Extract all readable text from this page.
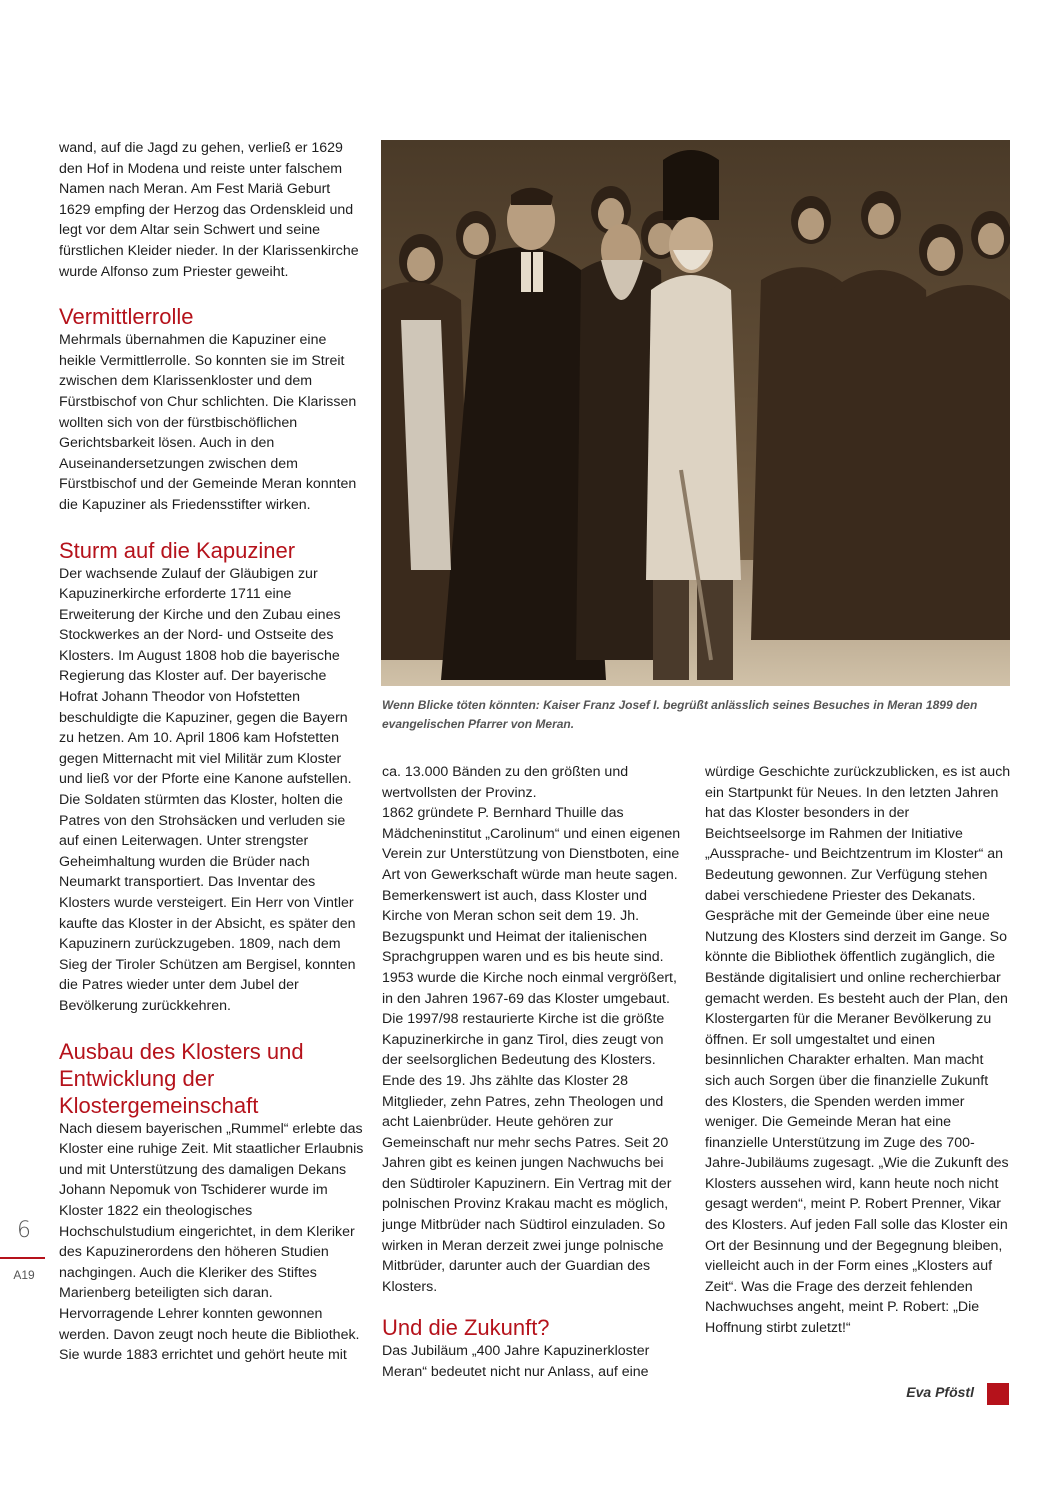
wand, auf die Jagd zu gehen, verließ er 1629 den Hof in Modena und reiste unter falschem Namen nach Meran. Am Fest Mariä Geburt 1629 empfing der Herzog das Ordenskleid und legt vor dem Altar sein Schwert und seine fürstlichen Kleider nieder. In der Klarissenkirche wurde Alfonso zum Priester geweiht.

Vermittlerrolle

Mehrmals übernahmen die Kapuziner eine heikle Vermittlerrolle. So konnten sie im Streit zwischen dem Klarissenkloster und dem Fürstbischof von Chur schlichten. Die Klarissen wollten sich von der fürstbischöflichen Gerichtsbarkeit lösen. Auch in den Auseinandersetzungen zwischen dem Fürstbischof und der Gemeinde Meran konnten die Kapuziner als Friedensstifter wirken.

Sturm auf die Kapuziner

Der wachsende Zulauf der Gläubigen zur Kapuzinerkirche erforderte 1711 eine Erweiterung der Kirche und den Zubau eines Stockwerkes an der Nord- und Ostseite des Klosters. Im August 1808 hob die bayerische Regierung das Kloster auf. Der bayerische Hofrat Johann Theodor von Hofstetten beschuldigte die Kapuziner, gegen die Bayern zu hetzen. Am 10. April 1806 kam Hofstetten gegen Mitternacht mit viel Militär zum Kloster und ließ vor der Pforte eine Kanone aufstellen. Die Soldaten stürmten das Kloster, holten die Patres von den Strohsäcken und verluden sie auf einen Leiterwagen. Unter strengster Geheimhaltung wurden die Brüder nach Neumarkt transportiert. Das Inventar des Klosters wurde versteigert. Ein Herr von Vintler kaufte das Kloster in der Absicht, es später den Kapuzinern zurückzugeben. 1809, nach dem Sieg der Tiroler Schützen am Bergisel, konnten die Patres wieder unter dem Jubel der Bevölkerung zurückkehren.

Ausbau des Klosters und Entwicklung der Klostergemeinschaft

Nach diesem bayerischen „Rummel“ erlebte das Kloster eine ruhige Zeit. Mit staatlicher Erlaubnis und mit Unterstützung des damaligen Dekans Johann Nepomuk von Tschiderer wurde im Kloster 1822 ein theologisches Hochschulstudium eingerichtet, in dem Kleriker des Kapuzinerordens den höheren Studien nachgingen. Auch die Kleriker des Stiftes Marienberg beteiligten sich daran. Hervorragende Lehrer konnten gewonnen werden. Davon zeugt noch heute die Bibliothek. Sie wurde 1883 errichtet und gehört heute mit

Wenn Blicke töten könnten: Kaiser Franz Josef I. begrüßt anlässlich seines Besuches in Meran 1899 den evangelischen Pfarrer von Meran.

ca. 13.000 Bänden zu den größten und wertvollsten der Provinz.

1862 gründete P. Bernhard Thuille das Mädcheninstitut „Carolinum“ und einen eigenen Verein zur Unterstützung von Dienstboten, eine Art von Gewerkschaft würde man heute sagen.

Bemerkenswert ist auch, dass Kloster und Kirche von Meran schon seit dem 19. Jh. Bezugspunkt und Heimat der italienischen Sprachgruppen waren und es bis heute sind. 1953 wurde die Kirche noch einmal vergrößert, in den Jahren 1967-69 das Kloster umgebaut. Die 1997/98 restaurierte Kirche ist die größte Kapuzinerkirche in ganz Tirol, dies zeugt von der seelsorglichen Bedeutung des Klosters. Ende des 19. Jhs zählte das Kloster 28 Mitglieder, zehn Patres, zehn Theologen und acht Laienbrüder. Heute gehören zur Gemeinschaft nur mehr sechs Patres. Seit 20 Jahren gibt es keinen jungen Nachwuchs bei den Südtiroler Kapuzinern. Ein Vertrag mit der polnischen Provinz Krakau macht es möglich, junge Mitbrüder nach Südtirol einzuladen. So wirken in Meran derzeit zwei junge polnische Mitbrüder, darunter auch der Guardian des Klosters.

Und die Zukunft?

Das Jubiläum „400 Jahre Kapuzinerkloster Meran“ bedeutet nicht nur Anlass, auf eine

würdige Geschichte zurückzublicken, es ist auch ein Startpunkt für Neues. In den letzten Jahren hat das Kloster besonders in der Beichtseelsorge im Rahmen der Initiative „Aussprache- und Beichtzentrum im Kloster“ an Bedeutung gewonnen. Zur Verfügung stehen dabei verschiedene Priester des Dekanats. Gespräche mit der Gemeinde über eine neue Nutzung des Klosters sind derzeit im Gange. So könnte die Bibliothek öffentlich zugänglich, die Bestände digitalisiert und online recherchierbar gemacht werden. Es besteht auch der Plan, den Klostergarten für die Meraner Bevölkerung zu öffnen. Er soll umgestaltet und einen besinnlichen Charakter erhalten. Man macht sich auch Sorgen über die finanzielle Zukunft des Klosters, die Spenden werden immer weniger. Die Gemeinde Meran hat eine finanzielle Unterstützung im Zuge des 700-Jahre-Jubiläums zugesagt. „Wie die Zukunft des Klosters aussehen wird, kann heute noch nicht gesagt werden“, meint P. Robert Prenner, Vikar des Klosters. Auf jeden Fall solle das Kloster ein Ort der Besinnung und der Begegnung bleiben, vielleicht auch in der Form eines „Klosters auf Zeit“. Was die Frage des derzeit fehlenden Nachwuchses angeht, meint P. Robert: „Die Hoffnung stirbt zuletzt!“

Eva Pföstl
6
A19
